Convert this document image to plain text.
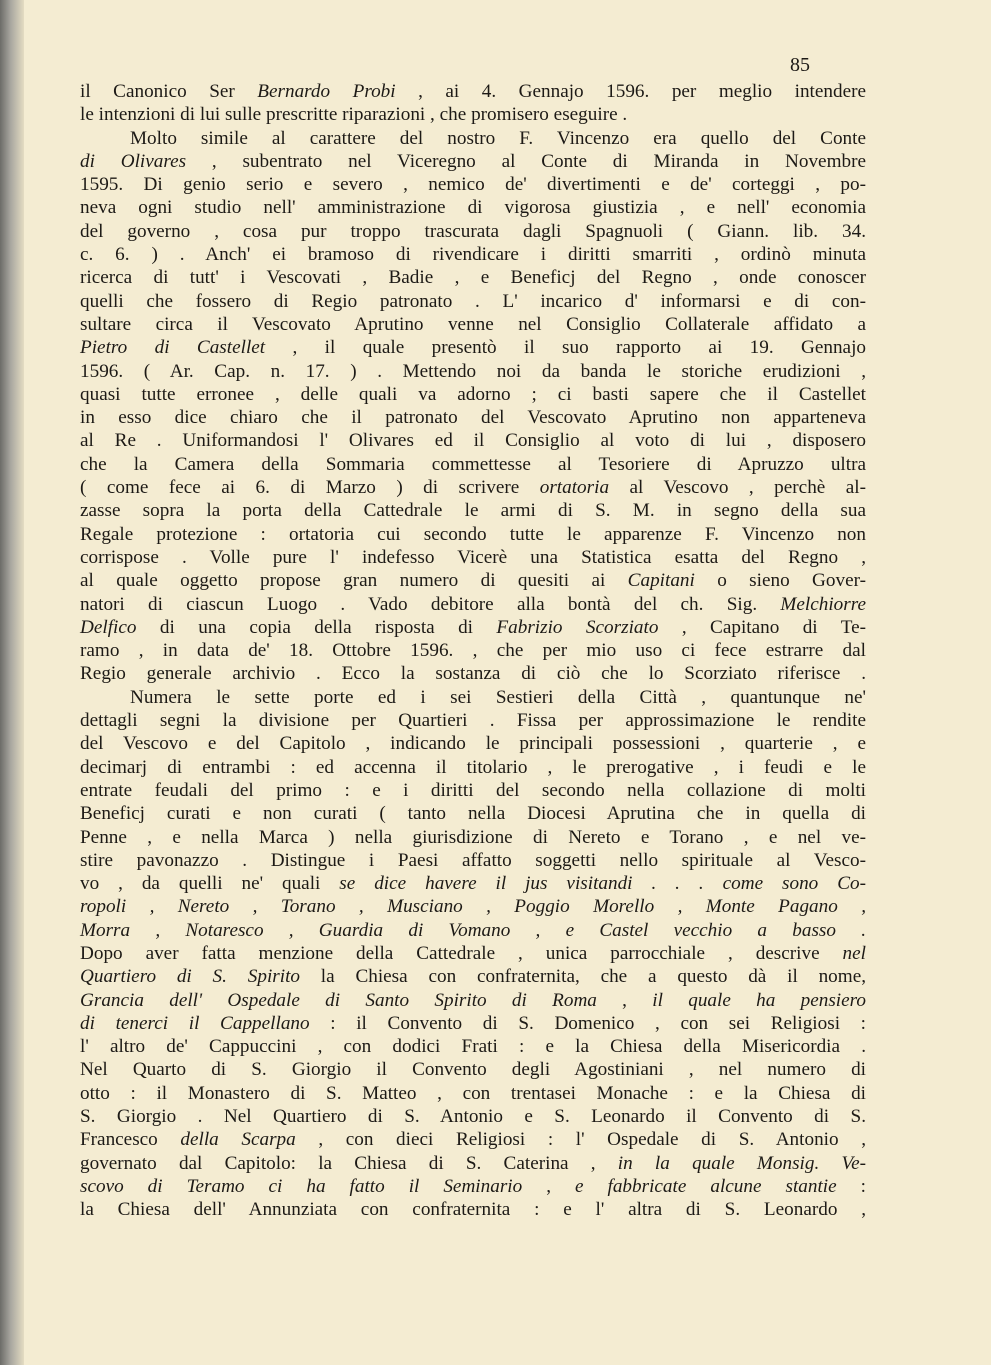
85
il Canonico Ser Bernardo Probi , ai 4. Gennajo 1596. per meglio intendere
le intenzioni di lui sulle prescritte riparazioni , che promisero eseguire .
Molto simile al carattere del nostro F. Vincenzo era quello del Conte
di Olivares , subentrato nel Viceregno al Conte di Miranda in Novembre
1595. Di genio serio e severo , nemico de' divertimenti e de' corteggi , po-
neva ogni studio nell' amministrazione di vigorosa giustizia , e nell' economia
del governo , cosa pur troppo trascurata dagli Spagnuoli ( Giann. lib. 34.
c. 6. ) . Anch' ei bramoso di rivendicare i diritti smarriti , ordinò minuta
ricerca di tutt' i Vescovati , Badie , e Beneficj del Regno , onde conoscer
quelli che fossero di Regio patronato . L' incarico d' informarsi e di con-
sultare circa il Vescovato Aprutino venne nel Consiglio Collaterale affidato a
Pietro di Castellet , il quale presentò il suo rapporto ai 19. Gennajo
1596. ( Ar. Cap. n. 17. ) . Mettendo noi da banda le storiche erudizioni ,
quasi tutte erronee , delle quali va adorno ; ci basti sapere che il Castellet
in esso dice chiaro che il patronato del Vescovato Aprutino non apparteneva
al Re . Uniformandosi l' Olivares ed il Consiglio al voto di lui , disposero
che la Camera della Sommaria commettesse al Tesoriere di Apruzzo ultra
( come fece ai 6. di Marzo ) di scrivere ortatoria al Vescovo , perchè al-
zasse sopra la porta della Cattedrale le armi di S. M. in segno della sua
Regale protezione : ortatoria cui secondo tutte le apparenze F. Vincenzo non
corrispose . Volle pure l' indefesso Vicerè una Statistica esatta del Regno ,
al quale oggetto propose gran numero di quesiti ai Capitani o sieno Gover-
natori di ciascun Luogo . Vado debitore alla bontà del ch. Sig. Melchiorre
Delfico di una copia della risposta di Fabrizio Scorziato , Capitano di Te-
ramo , in data de' 18. Ottobre 1596. , che per mio uso ci fece estrarre dal
Regio generale archivio . Ecco la sostanza di ciò che lo Scorziato riferisce .
Numera le sette porte ed i sei Sestieri della Città , quantunque ne'
dettagli segni la divisione per Quartieri . Fissa per approssimazione le rendite
del Vescovo e del Capitolo , indicando le principali possessioni , quarterie , e
decimarj di entrambi : ed accenna il titolario , le prerogative , i feudi e le
entrate feudali del primo : e i diritti del secondo nella collazione di molti
Beneficj curati e non curati ( tanto nella Diocesi Aprutina che in quella di
Penne , e nella Marca ) nella giurisdizione di Nereto e Torano , e nel ve-
stire pavonazzo . Distingue i Paesi affatto soggetti nello spirituale al Vesco-
vo , da quelli ne' quali se dice havere il jus visitandi . . . come sono Co-
ropoli , Nereto , Torano , Musciano , Poggio Morello , Monte Pagano ,
Morra , Notaresco , Guardia di Vomano , e Castel vecchio a basso .
Dopo aver fatta menzione della Cattedrale , unica parrocchiale , descrive nel
Quartiero di S. Spirito la Chiesa con confraternita, che a questo dà il nome,
Grancia dell' Ospedale di Santo Spirito di Roma , il quale ha pensiero
di tenerci il Cappellano : il Convento di S. Domenico , con sei Religiosi :
l' altro de' Cappuccini , con dodici Frati : e la Chiesa della Misericordia .
Nel Quarto di S. Giorgio il Convento degli Agostiniani , nel numero di
otto : il Monastero di S. Matteo , con trentasei Monache : e la Chiesa di
S. Giorgio . Nel Quartiero di S. Antonio e S. Leonardo il Convento di S.
Francesco della Scarpa , con dieci Religiosi : l' Ospedale di S. Antonio ,
governato dal Capitolo: la Chiesa di S. Caterina , in la quale Monsig. Ve-
scovo di Teramo ci ha fatto il Seminario , e fabbricate alcune stantie :
la Chiesa dell' Annunziata con confraternita : e l' altra di S. Leonardo ,
